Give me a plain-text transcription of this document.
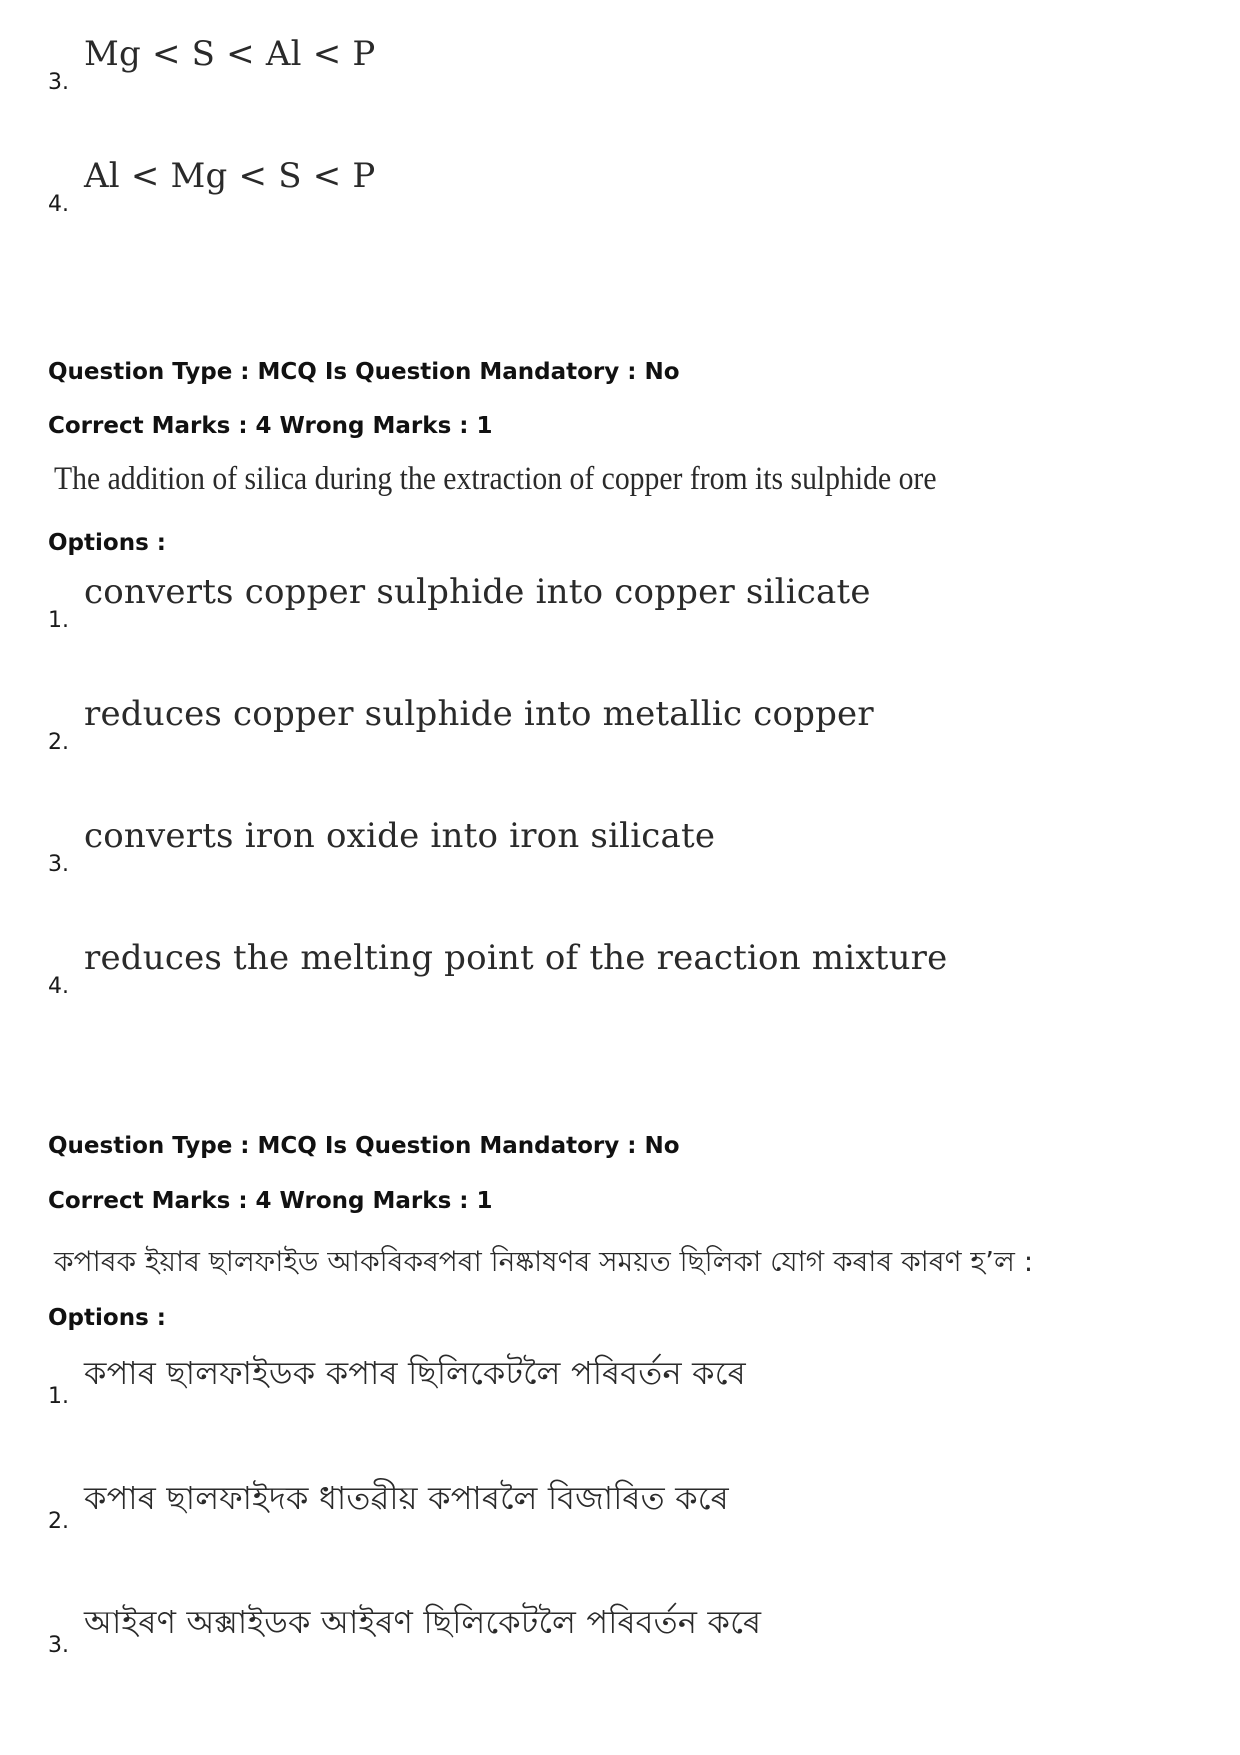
3.
Mg < S < Al < P
4.
Al < Mg < S < P
Question Type : MCQ Is Question Mandatory : No
Correct Marks : 4 Wrong Marks : 1
The addition of silica during the extraction of copper from its sulphide ore
Options :
1.
converts copper sulphide into copper silicate
2.
reduces copper sulphide into metallic copper
3.
converts iron oxide into iron silicate
4.
reduces the melting point of the reaction mixture
Question Type : MCQ Is Question Mandatory : No
Correct Marks : 4 Wrong Marks : 1
কপাৰক ইয়াৰ ছালফাইড আকৰিকৰপৰা নিষ্কাষণৰ সময়ত ছিলিকা যোগ কৰাৰ কাৰণ হ’ল :
Options :
1.
কপাৰ ছালফাইডক কপাৰ ছিলিকেটলৈ পৰিবৰ্তন কৰে
2.
কপাৰ ছালফাইদক ধাতৱীয় কপাৰলৈ বিজাৰিত কৰে
3.
আইৰণ অক্সাইডক আইৰণ ছিলিকেটলৈ পৰিবৰ্তন কৰে
